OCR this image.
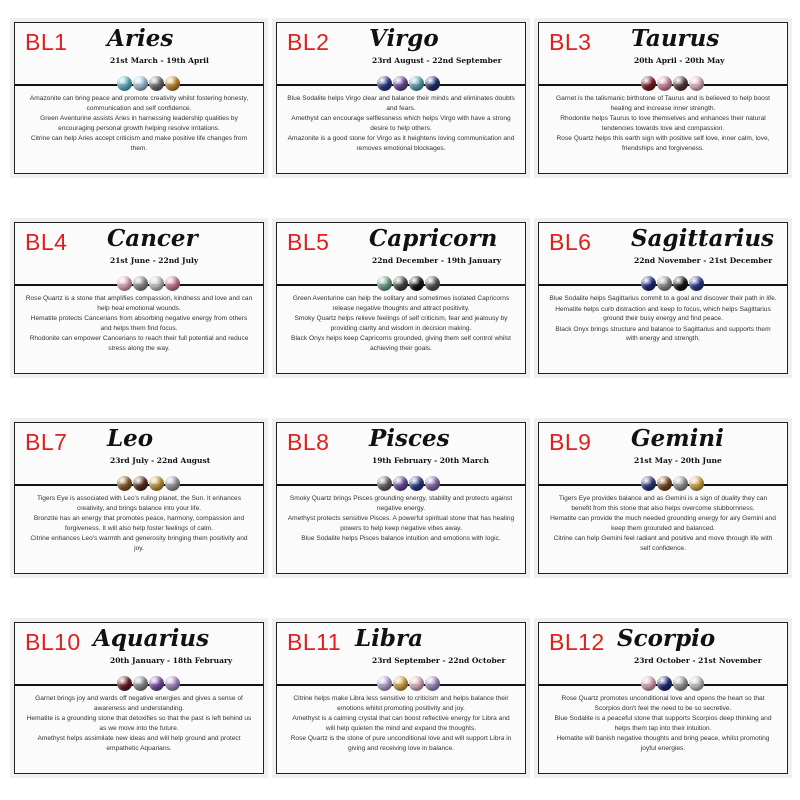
BL1 Aries
21st March - 19th April

Amazonite can bring peace and promote creativity whilst fostering honesty, communication and self confidence.

Green Aventurine assists Aries in harnessing leadership qualities by encouraging personal growth helping resolve irritations.

Citrine can help Aries accept criticism and make positive life changes from them.

BL2 Virgo
23rd August - 22nd September

Blue Sodalite helps Virgo clear and balance their minds and eliminates doubts and fears.

Amethyst can encourage selflessness which helps Virgo with have a strong desire to help others.

Amazonite is a good stone for Virgo as it heightens loving communication and removes emotional blockages.

BL3 Taurus
20th April - 20th May

Garnet is the talismanic birthstone of Taurus and is believed to help boost healing and increase inner strength.

Rhodonite helps Taurus to love themselves and enhances their natural tendencies towards love and compassion.

Rose Quartz helps this earth sign with positive self love, inner calm, love, friendships and forgiveness.

BL4 Cancer
21st June - 22nd July

Rose Quartz is a stone that amplifies compassion, kindness and love and can help heal emotional wounds.

Hematite protects Cancerians from absorbing negative energy from others and helps them find focus.

Rhodonite can empower Cancerians to reach their full potential and reduce stress along the way.

BL5 Capricorn
22nd December - 19th January

Green Aventurine can help the solitary and sometimes isolated Capricorns release negative thoughts and attract positivity.

Smoky Quartz helps relieve feelings of self criticism, fear and jealousy by providing clarity and wisdom in decision making.

Black Onyx helps keep Capricorns grounded, giving them self control whilst achieving their goals.

BL6 Sagittarius
22nd November - 21st December

Blue Sodalite helps Sagittarius commit to a goal and discover their path in life.

Hematite helps curb distraction and keep to focus, which helps Sagittarius ground their busy energy and find peace.

Black Onyx brings structure and balance to Sagittarius and supports them with energy and strength.

BL7 Leo
23rd July - 22nd August

Tigers Eye is associated with Leo's ruling planet, the Sun. It enhances creativity, and brings balance into your life.

Bronzite has an energy that promotes peace, harmony, compassion and forgiveness. It will also help foster feelings of calm.

Citrine enhances Leo's warmth and generosity bringing them positivity and joy.

BL8 Pisces
19th February - 20th March

Smoky Quartz brings Pisces grounding energy, stability and protects against negative energy.

Amethyst protects sensitive Pisces. A powerful spiritual stone that has healing powers to help keep negative vibes away.

Blue Sodalite helps Pisces balance intuition and emotions with logic.

BL9 Gemini
21st May - 20th June

Tigers Eye provides balance and as Gemini is a sign of duality they can benefit from this stone that also helps overcome stubbornness.

Hematite can provide the much needed grounding energy for airy Gemini and keep them grounded and balanced.

Citrine can help Gemini feel radiant and positive and move through life with self confidence.

BL10 Aquarius
20th January - 18th February

Garnet brings joy and wards off negative energies and gives a sense of awareness and understanding.

Hematite is a grounding stone that detoxifies so that the past is left behind us as we move into the future.

Amethyst helps assimilate new ideas and will help ground and protect empathetic Aquarians.

BL11 Libra
23rd September - 22nd October

Citrine helps make Libra less sensitive to criticism and helps balance their emotions whilst promoting positivity and joy.

Amethyst is a calming crystal that can boost reflective energy for Libra and will help quieten the mind and expand the thoughts.

Rose Quartz is the stone of pure unconditional love and will support Libra in giving and receiving love in balance.

BL12 Scorpio
23rd October - 21st November

Rose Quartz promotes unconditional love and opens the heart so that Scorpios don't feel the need to be so secretive.

Blue Sodalite is a peaceful stone that supports Scorpios deep thinking and helps them tap into their intuition.

Hematite will banish negative thoughts and bring peace, whilst promoting joyful energies.
